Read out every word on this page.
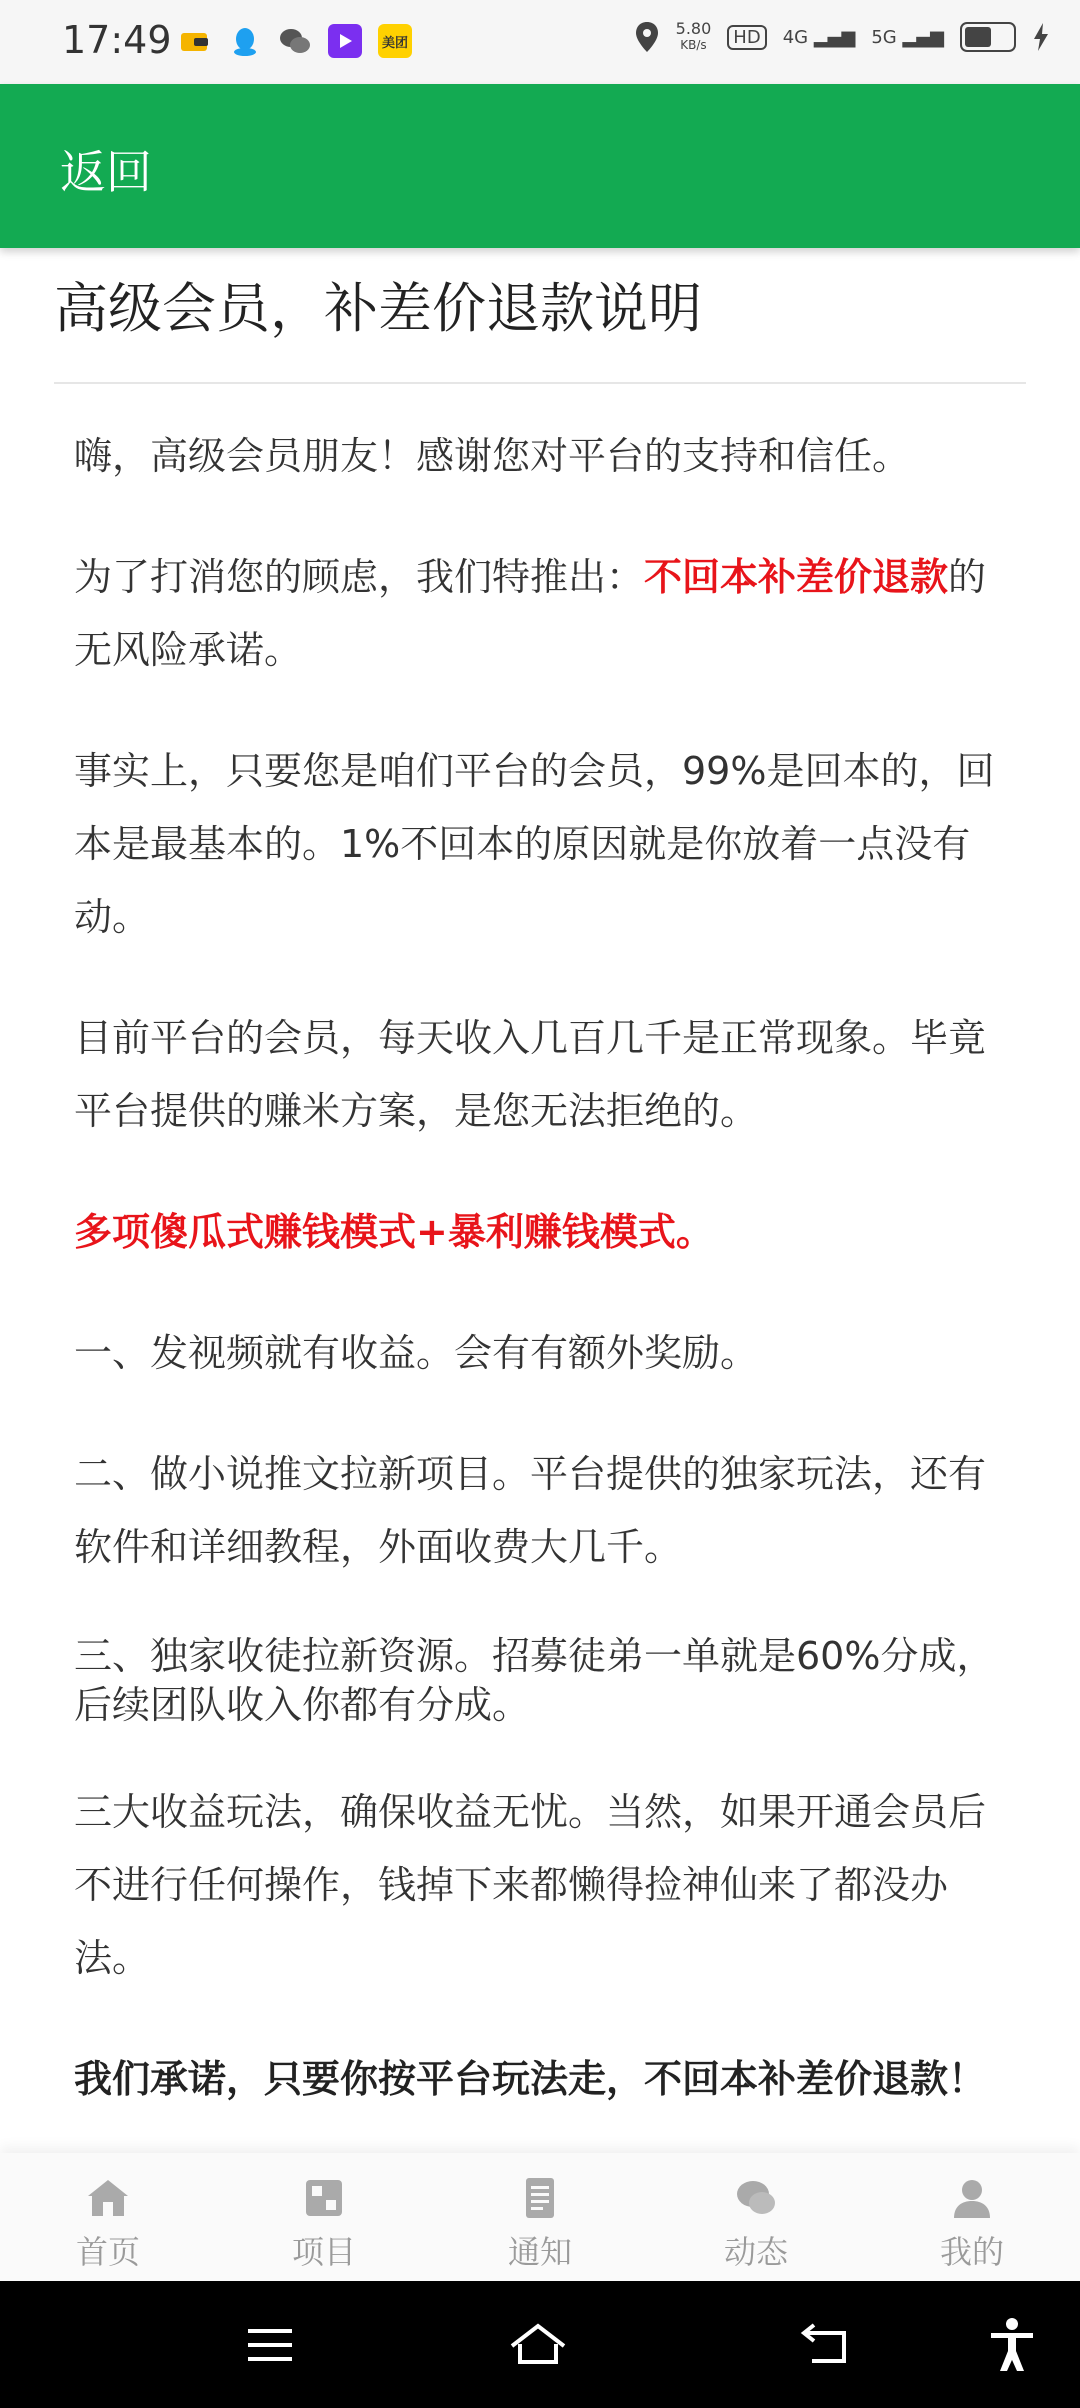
17:49	美团
5.80
KB/s	HD	4G ▂▄▆ 5G ▂▄▆
返回
高级会员，补差价退款说明

嗨，高级会员朋友！感谢您对平台的支持和信任。

为了打消您的顾虑，我们特推出：不回本补差价退款的无风险承诺。

事实上，只要您是咱们平台的会员，99%是回本的，回本是最基本的。1%不回本的原因就是你放着一点没有动。

目前平台的会员，每天收入几百几千是正常现象。毕竟平台提供的赚米方案，是您无法拒绝的。

多项傻瓜式赚钱模式+暴利赚钱模式。

一、发视频就有收益。会有有额外奖励。

二、做小说推文拉新项目。平台提供的独家玩法，还有软件和详细教程，外面收费大几千。

三、独家收徒拉新资源。招募徒弟一单就是60%分成，后续团队收入你都有分成。

三大收益玩法，确保收益无忧。当然，如果开通会员后不进行任何操作，钱掉下来都懒得捡神仙来了都没办法。

我们承诺，只要你按平台玩法走，不回本补差价退款！

首页	项目	通知	动态	我的
